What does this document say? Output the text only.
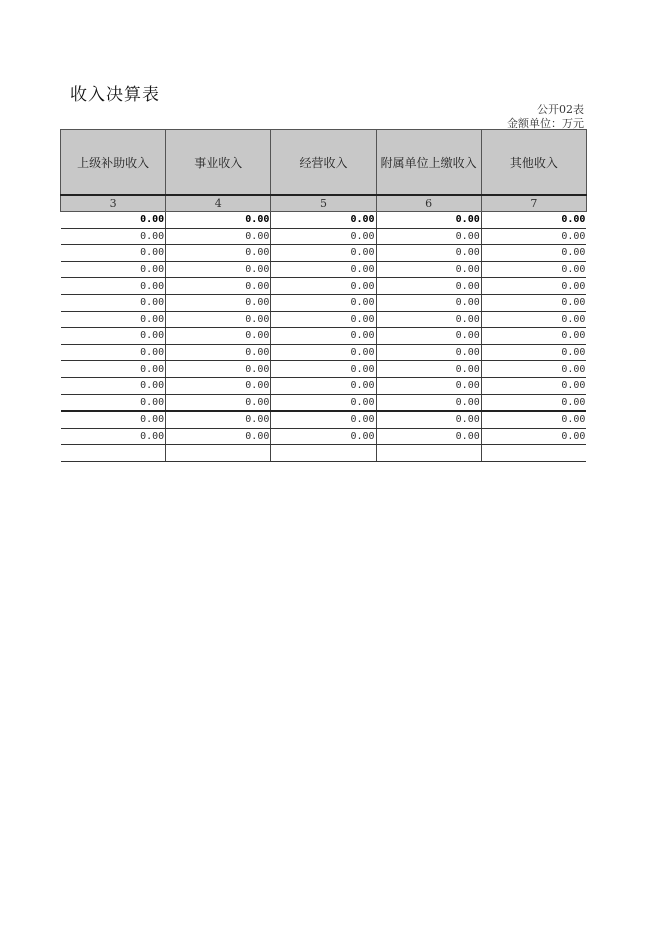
收入决算表
公开02表
金额单位：万元
上级补助收入	事业收入	经营收入	附属单位上缴收入	其他收入
3	4	5	6	7
0.00	0.00	0.00	0.00	0.00
0.00	0.00	0.00	0.00	0.00
0.00	0.00	0.00	0.00	0.00
0.00	0.00	0.00	0.00	0.00
0.00	0.00	0.00	0.00	0.00
0.00	0.00	0.00	0.00	0.00
0.00	0.00	0.00	0.00	0.00
0.00	0.00	0.00	0.00	0.00
0.00	0.00	0.00	0.00	0.00
0.00	0.00	0.00	0.00	0.00
0.00	0.00	0.00	0.00	0.00
0.00	0.00	0.00	0.00	0.00
0.00	0.00	0.00	0.00	0.00
0.00	0.00	0.00	0.00	0.00
